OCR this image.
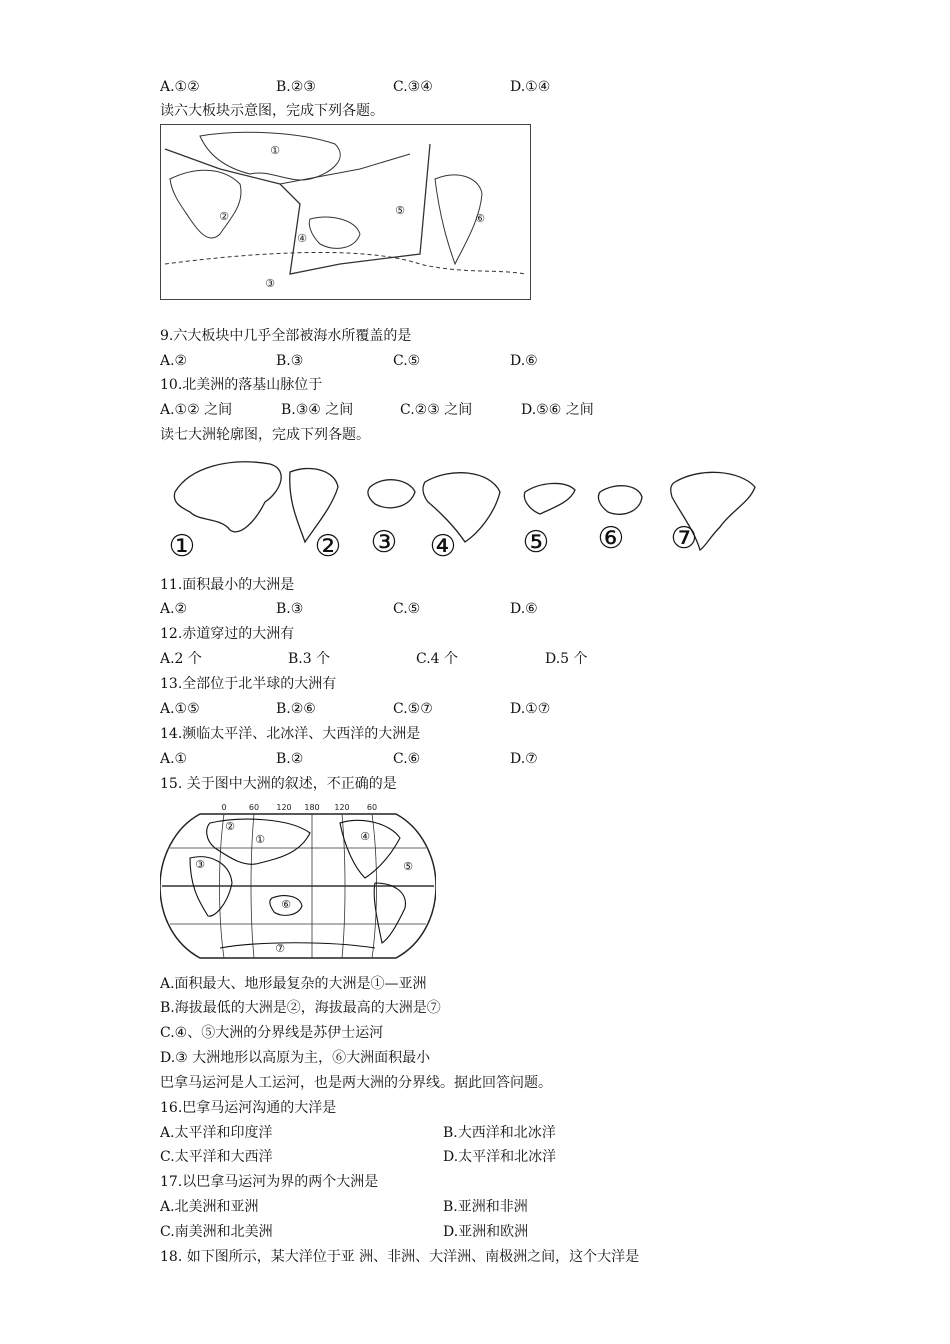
A.①②	B.②③	C.③④	D.①④
读六大板块示意图，完成下列各题。
①
②
③
④
⑤
⑥
9.六大板块中几乎全部被海水所覆盖的是
A.②	B.③	C.⑤	D.⑥
10.北美洲的落基山脉位于
A.①② 之间	B.③④ 之间	C.②③ 之间	D.⑤⑥ 之间
读七大洲轮廓图，完成下列各题。
①	② ③ ④ ⑤ ⑥ ⑦
11.面积最小的大洲是
A.②	B.③	C.⑤	D.⑥
12.赤道穿过的大洲有
A.2 个	B.3 个	C.4 个	D.5 个
13.全部位于北半球的大洲有
A.①⑤	B.②⑥	C.⑤⑦	D.①⑦
14.濒临太平洋、北冰洋、大西洋的大洲是
A.①	B.②	C.⑥	D.⑦
15. 关于图中大洲的叙述，不正确的是
0	60 120 180 120 60
①
②
③
④
⑤
⑥
⑦
A.面积最大、地形最复杂的大洲是①—亚洲
B.海拔最低的大洲是②，海拔最高的大洲是⑦
C.④、⑤大洲的分界线是苏伊士运河
D.③ 大洲地形以高原为主，⑥大洲面积最小
巴拿马运河是人工运河，也是两大洲的分界线。据此回答问题。
16.巴拿马运河沟通的大洋是
A.太平洋和印度洋	B.大西洋和北冰洋
C.太平洋和大西洋	D.太平洋和北冰洋
17.以巴拿马运河为界的两个大洲是
A.北美洲和亚洲	B.亚洲和非洲
C.南美洲和北美洲	D.亚洲和欧洲
18. 如下图所示，某大洋位于亚 洲、非洲、大洋洲、南极洲之间，这个大洋是
